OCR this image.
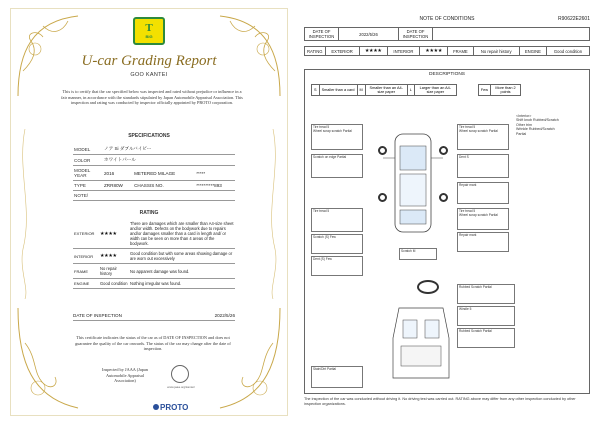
T
BIG
U-car Grading Report
GOO KANTEI
This is to certify that the car specified below was inspected and rated without prejudice or influence in a fair manner, in accordance with the standards stipulated by Japan Automobile Appraisal Association. This inspection and rating was conducted by inspector officially appointed by PROTO corporation.
SPECIFICATIONS
MODEL	ノア Si ダブルバイビー		
COLOR	ホワイトパール		
MODEL YEAR	2016	METERED MILAGE	*****
TYPE	ZRR80W	CHASSIS NO.	**********893
NOTE/			
RATING
EXTERIOR	★★★★	There are damages which are smaller than A4-size sheet and/or width. Defects on the bodywork due to repairs and/or damages smaller than a card in length and/ or width can be seen on more than 4 areas of the bodywork.
INTERIOR	★★★★	Good condition but with some areas showing damage or are worn out excessively
FRAME	No repair history	No apparent damage was found.
ENGINE	Good condition	Nothing irregular was found.
DATE OF INSPECTION	2022/5/26
This certificate indicates the status of the car as of DATE OF INSPECTION and does not guarantee the quality of the car onwards. The status of the car may change after the date of inspection.
Inspected by JAAA (Japan Automobile Appraisal Association)
www.jaaa.org/kantei/
PROTO
NOTE OF CONDITIONS	R90622E2601
DATE OF INSPECTION	2022/5/26	DATE OF INSPECTION	
RATING	EXTERIOR	★★★★	INTERIOR	★★★★	FRAME	No repair history	ENGINE	Good condition
DESCRIPTIONS
S	Smaller than a card	M	Smaller than an A4-size paper	L	Larger than an A4-size paper		Few	More than 2 points
Tire tread 5
Wheel scrap scratch Partial
Tire tread 5
Wheel scrap scratch Partial
Scratch on edge Partial	Dent S
Repair mark
Tire tread 5	Tire tread 5
Wheel scrap scratch Partial
Scratch (S) Few	Repair mark
Scratch M
Dent (S) Few
Rubbed Scratch Partial
Windle 5
Rubbed Scratch Partial
Stain/Dirt Partial
<Interior>
Shift knob Rubbed/Scratch
Other trim
Wrinkle Rubbed/Scratch
Partial
The inspection of the car was conducted without driving it. No driving test was carried out. RATING above may differ from any other inspection conducted by other inspection organizations.
